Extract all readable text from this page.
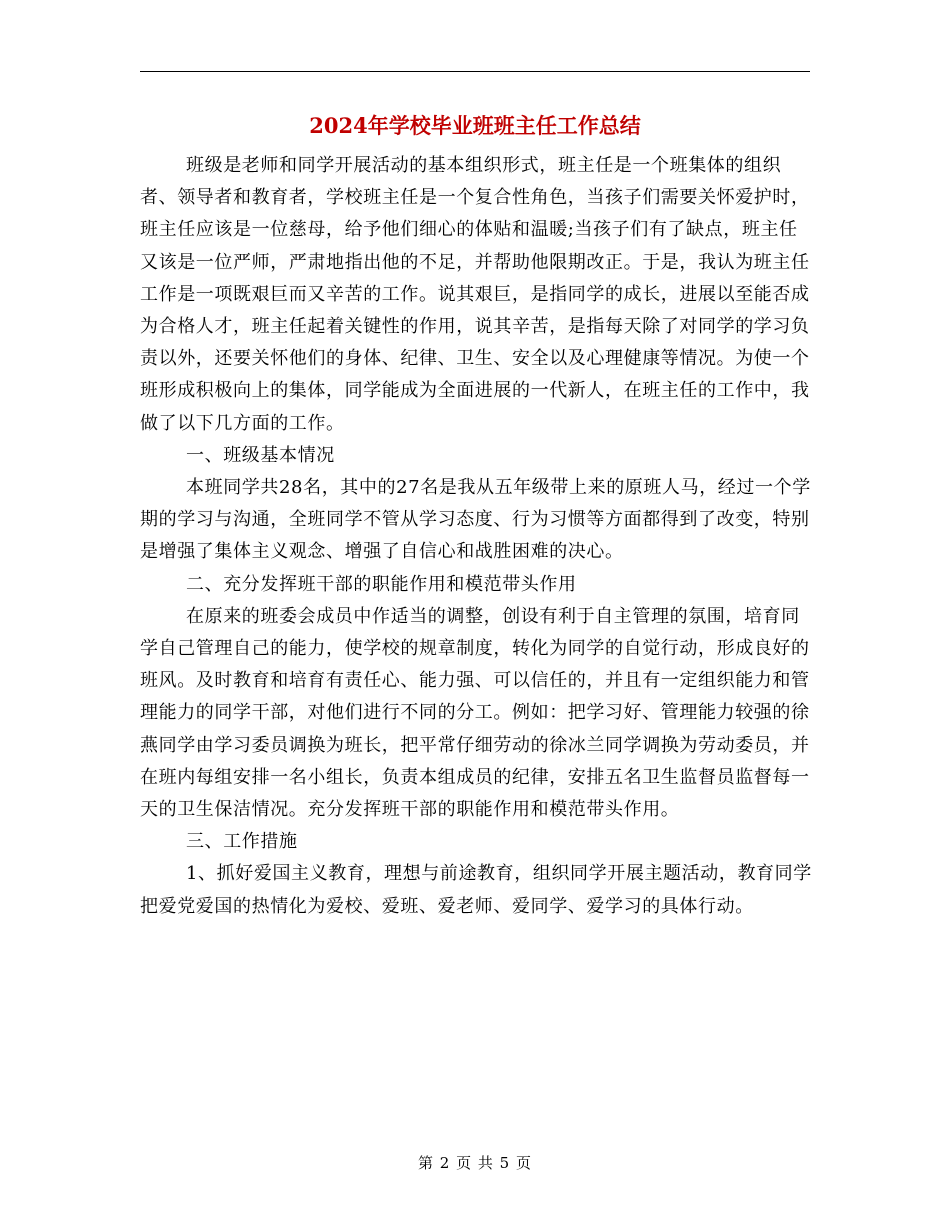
2024年学校毕业班班主任工作总结

班级是老师和同学开展活动的基本组织形式，班主任是一个班集体的组织者、领导者和教育者，学校班主任是一个复合性角色，当孩子们需要关怀爱护时，班主任应该是一位慈母，给予他们细心的体贴和温暖;当孩子们有了缺点，班主任又该是一位严师，严肃地指出他的不足，并帮助他限期改正。于是，我认为班主任工作是一项既艰巨而又辛苦的工作。说其艰巨，是指同学的成长，进展以至能否成为合格人才，班主任起着关键性的作用，说其辛苦，是指每天除了对同学的学习负责以外，还要关怀他们的身体、纪律、卫生、安全以及心理健康等情况。为使一个班形成积极向上的集体，同学能成为全面进展的一代新人，在班主任的工作中，我做了以下几方面的工作。

一、班级基本情况

本班同学共28名，其中的27名是我从五年级带上来的原班人马，经过一个学期的学习与沟通，全班同学不管从学习态度、行为习惯等方面都得到了改变，特别是增强了集体主义观念、增强了自信心和战胜困难的决心。

二、充分发挥班干部的职能作用和模范带头作用

在原来的班委会成员中作适当的调整，创设有利于自主管理的氛围，培育同学自己管理自己的能力，使学校的规章制度，转化为同学的自觉行动，形成良好的班风。及时教育和培育有责任心、能力强、可以信任的，并且有一定组织能力和管理能力的同学干部，对他们进行不同的分工。例如：把学习好、管理能力较强的徐燕同学由学习委员调换为班长，把平常仔细劳动的徐冰兰同学调换为劳动委员，并在班内每组安排一名小组长，负责本组成员的纪律，安排五名卫生监督员监督每一天的卫生保洁情况。充分发挥班干部的职能作用和模范带头作用。

三、工作措施

1、抓好爱国主义教育，理想与前途教育，组织同学开展主题活动，教育同学把爱党爱国的热情化为爱校、爱班、爱老师、爱同学、爱学习的具体行动。

第 2 页 共 5 页
